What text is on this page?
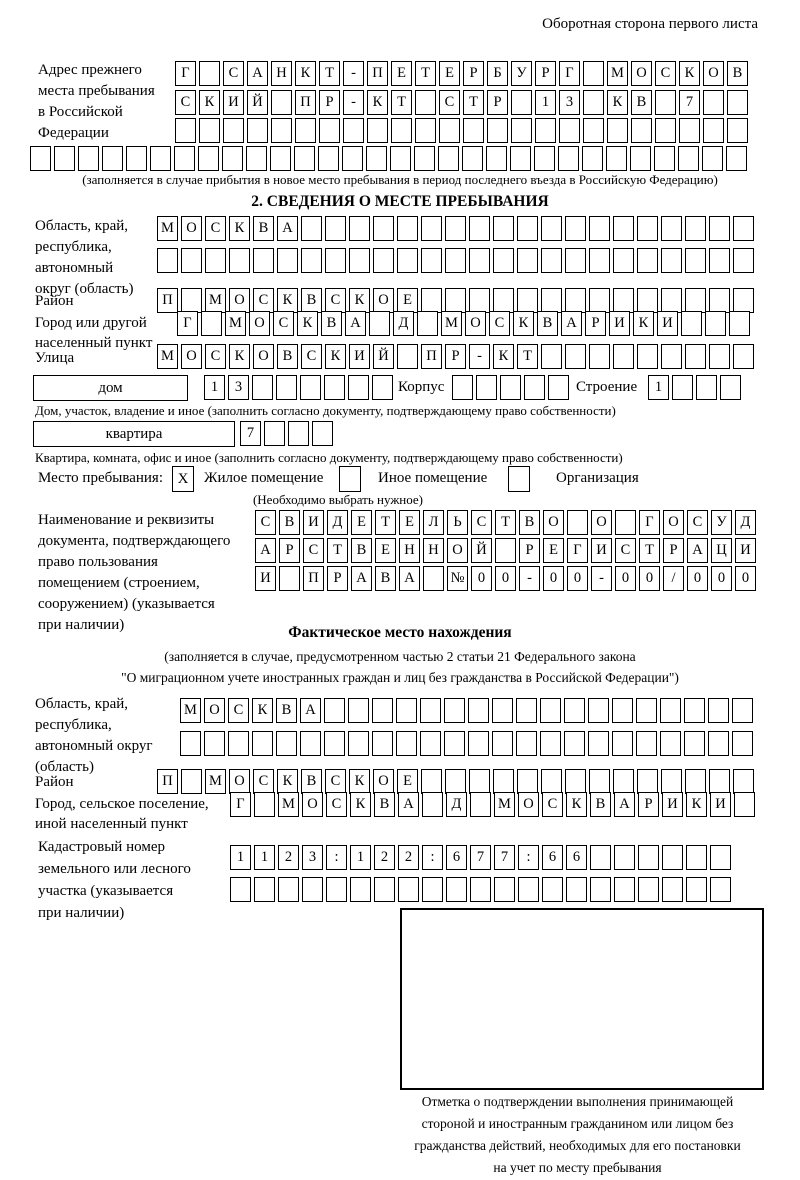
Оборотная сторона первого листа
Адрес прежнего
места пребывания
в Российской
Федерации
Г	С А Н К	Т	-	П Е	Т	Е	Р	Б	У	Р	Г	М О С К О В
С К И Й	П	Р	-	К	Т	С	Т	Р	1	3	К В	7
(заполняется в случае прибытия в новое место пребывания в период последнего въезда в Российскую Федерацию)
2. СВЕДЕНИЯ О МЕСТЕ ПРЕБЫВАНИЯ
Область, край,
республика,
автономный
округ (область)
М О С К В А
Район	П	М О С К В С К О Е
Город или другой
населенный пункт
Г	М О С К В А	Д	М О С К В А	Р	И К И
Улица	М О С К О В С К И Й	П	Р	-	К	Т
дом	1	3	Корпус	Строение	1
Дом, участок, владение и иное (заполнить согласно документу, подтверждающему право собственности)
квартира	7
Квартира, комната, офис и иное (заполнить согласно документу, подтверждающему право собственности)
Место пребывания: X	Жилое помещение	Иное помещение	Организация
(Необходимо выбрать нужное)
Наименование и реквизиты
документа, подтверждающего
право пользования
помещением (строением,
сооружением) (указывается
при наличии)
С В И Д	Е	Т	Е	Л	Ь	С	Т	В О	О	Г	О С У Д
А	Р	С	Т	В	Е Н Н О Й	Р	Е	Г	И С	Т	Р	А Ц И
И	П	Р	А В А	№ 0	0	-	0	0	-	0	0	/	0	0	0
Фактическое место нахождения
(заполняется в случае, предусмотренном частью 2 статьи 21 Федерального закона
"О миграционном учете иностранных граждан и лиц без гражданства в Российской Федерации")
Область, край,
республика,
автономный округ
(область)
М О С К В А
Район	П	М О С К В С К О Е
Город, сельское поселение,
иной населенный пункт
Г	М О С К В А	Д	М О С К В А	Р	И К И
Кадастровый номер
земельного или лесного
участка (указывается
при наличии)
1	1	2	3	:	1	2	2	:	6	7	7	:	6	6
Отметка о подтверждении выполнения принимающей
стороной и иностранным гражданином или лицом без
гражданства действий, необходимых для его постановки
на учет по месту пребывания
